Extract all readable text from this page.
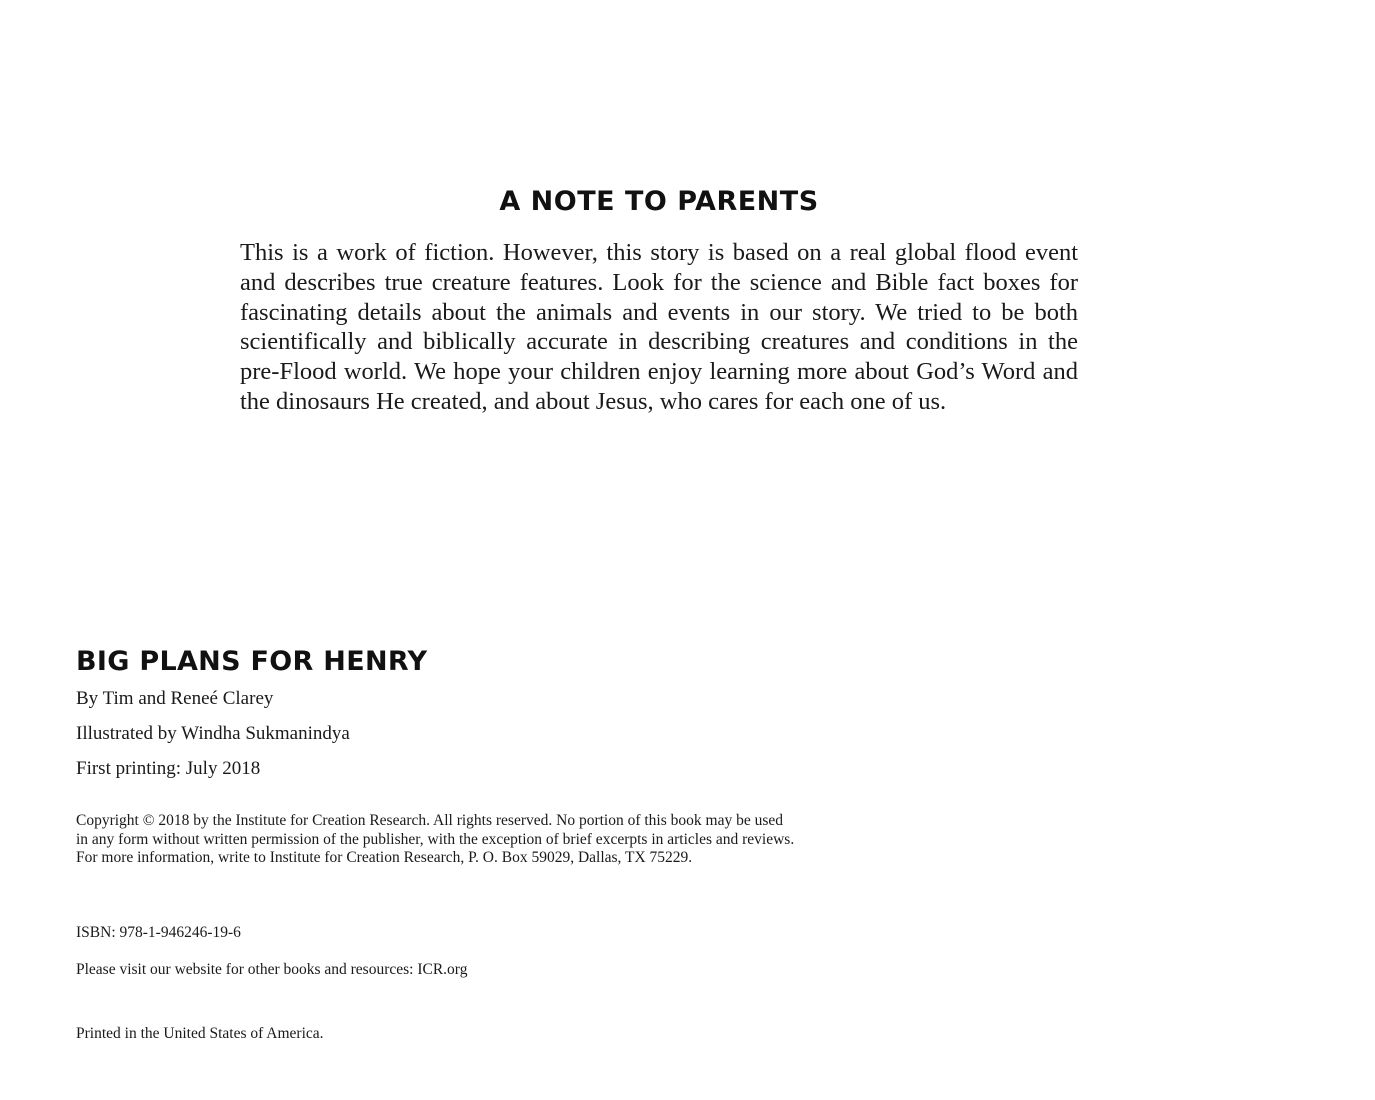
A NOTE TO PARENTS
This is a work of fiction. However, this story is based on a real global flood event and describes true creature features. Look for the science and Bible fact boxes for fascinating details about the animals and events in our story. We tried to be both scientifically and biblically accurate in describing creatures and conditions in the pre-Flood world. We hope your children enjoy learning more about God’s Word and the dinosaurs He created, and about Jesus, who cares for each one of us.
BIG PLANS FOR HENRY
By Tim and Reneé Clarey
Illustrated by Windha Sukmanindya
First printing: July 2018
Copyright © 2018 by the Institute for Creation Research. All rights reserved. No portion of this book may be used
in any form without written permission of the publisher, with the exception of brief excerpts in articles and reviews.
For more information, write to Institute for Creation Research, P. O. Box 59029, Dallas, TX 75229.
ISBN: 978-1-946246-19-6
Please visit our website for other books and resources: ICR.org
Printed in the United States of America.
